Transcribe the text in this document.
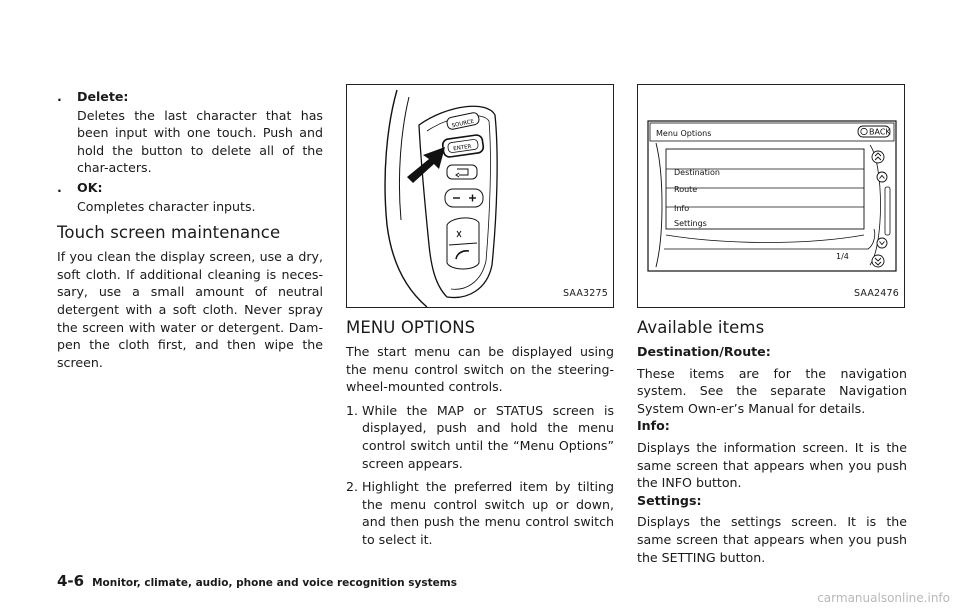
.	Delete:
Deletes the last character that has been input with one touch. Push and hold the button to delete all of the char-acters.
.	OK:
Completes character inputs.
Touch screen maintenance
If you clean the display screen, use a dry, soft cloth. If additional cleaning is neces-sary, use a small amount of neutral detergent with a soft cloth. Never spray the screen with water or detergent. Dam-pen the cloth first, and then wipe the screen.
SOURCE
ENTER
SAA3275
MENU OPTIONS
The start menu can be displayed using the menu control switch on the steering-wheel-mounted controls.
1. While the MAP or STATUS screen is displayed, push and hold the menu control switch until the “Menu Options” screen appears.
2. Highlight the preferred item by tilting the menu control switch up or down, and then push the menu control switch to select it.
Menu Options	BACK
Destination
Route
Info
Settings
1/4
SAA2476
Available items
Destination/Route:
These items are for the navigation system. See the separate Navigation System Own-er’s Manual for details.
Info:
Displays the information screen. It is the same screen that appears when you push the INFO button.
Settings:
Displays the settings screen. It is the same screen that appears when you push the SETTING button.
4-6 Monitor, climate, audio, phone and voice recognition systems
carmanualsonline.info
